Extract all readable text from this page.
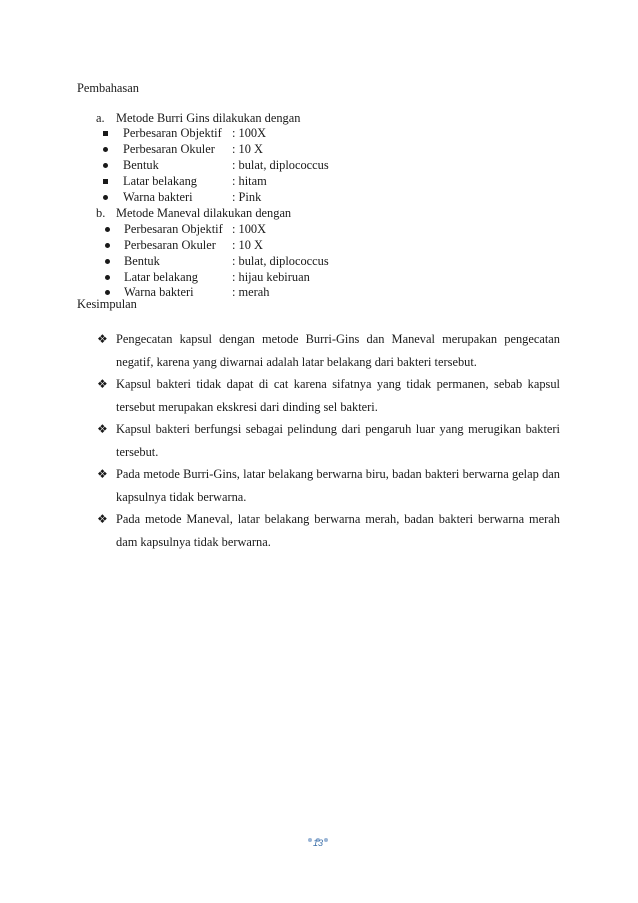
Pembahasan
a. Metode Burri Gins dilakukan dengan
Perbesaran Objektif : 100X
Perbesaran Okuler : 10 X
Bentuk	: bulat, diplococcus
Latar belakang	: hitam
Warna bakteri	: Pink
b. Metode Maneval dilakukan dengan
Perbesaran Objektif : 100X
Perbesaran Okuler : 10 X
Bentuk	: bulat, diplococcus
Latar belakang	: hijau kebiruan
Warna bakteri	: merah
Kesimpulan
❖ Pengecatan kapsul dengan metode Burri-Gins dan Maneval merupakan pengecatan negatif, karena yang diwarnai adalah latar belakang dari bakteri tersebut.
❖ Kapsul bakteri tidak dapat di cat karena sifatnya yang tidak permanen, sebab kapsul tersebut merupakan ekskresi dari dinding sel bakteri.
❖ Kapsul bakteri berfungsi sebagai pelindung dari pengaruh luar yang merugikan bakteri tersebut.
❖ Pada metode Burri-Gins, latar belakang berwarna biru, badan bakteri berwarna gelap dan kapsulnya tidak berwarna.
❖ Pada metode Maneval, latar belakang berwarna merah, badan bakteri berwarna merah dam kapsulnya tidak berwarna.
13
